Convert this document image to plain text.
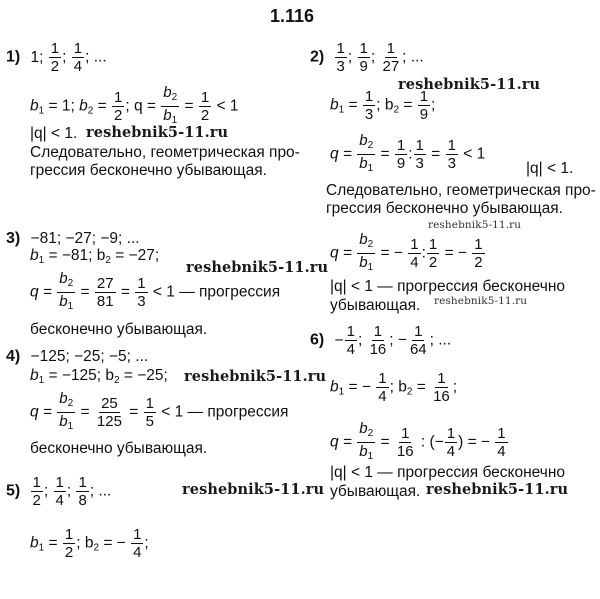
1.116
1) 1; $\frac{1}{2}$ ; $\frac{1}{4}$ ; ...
$b_1 = 1$; $b_2 = \frac{1}{2}$ ; $q = \frac{b_2}{b_1} = \frac{1}{2} < 1$
|q| < 1.
Следовательно, геометрическая про-
грессия бесконечно убывающая.
$2) \frac{1}{3}$ ; $\frac{1}{9}$ ; $\frac{1}{27}$ ; ...
$b_1 = \frac{1}{3}$ ; $b_2 = \frac{1}{9}$ ;
$q = \frac{b_2}{b_1} = \frac{1}{9}$ : $\frac{1}{3} = \frac{1}{3} < 1$
|q| < 1.
Следовательно, геометрическая про-
грессия бесконечно убывающая.
$q = \frac{b_2}{b_1}$ = − $\frac{1}{4}$ : $\frac{1}{2}$ = − $\frac{1}{2}$
|q| < 1 — прогрессия бесконечно
убывающая.
3) −81; −27; −9; ...
$b_1 = -81$; $b_2 = -27$;
$q = \frac{b_2}{b_1} = \frac{27}{81} = \frac{1}{3} < 1$ — прогрессия
бесконечно убывающая.
4) −125; −25; −5; ...
$b_1 = -125$; $b_2 = -25$;
$q = \frac{b_2}{b_1} = \frac{25}{125} = \frac{1}{5} < 1$ — прогрессия
бесконечно убывающая.
$5) \frac{1}{2}$ ; $\frac{1}{4}$ ; $\frac{1}{8}$ ; ...
$b_1 = \frac{1}{2}$ ; $b_2$ = − $\frac{1}{4}$ ;
$6) - \frac{1}{4}$ ; $\frac{1}{16}$ ; − $\frac{1}{64}$ ; ...
$b_1$ = − $\frac{1}{4}$ ; $b_2 = \frac{1}{16}$ ;
$q = \frac{b_2}{b_1} = \frac{1}{16}$ : (− $\frac{1}{4}$ ) = − $\frac{1}{4}$
|q| < 1 — прогрессия бесконечно
убывающая.
reshebnik5-11.ru
reshebnik5-11.ru
reshebnik5-11.ru
reshebnik5-11.ru
reshebnik5-11.ru
reshebnik5-11.ru
reshebnik5-11.ru	reshebnik5-11.ru
